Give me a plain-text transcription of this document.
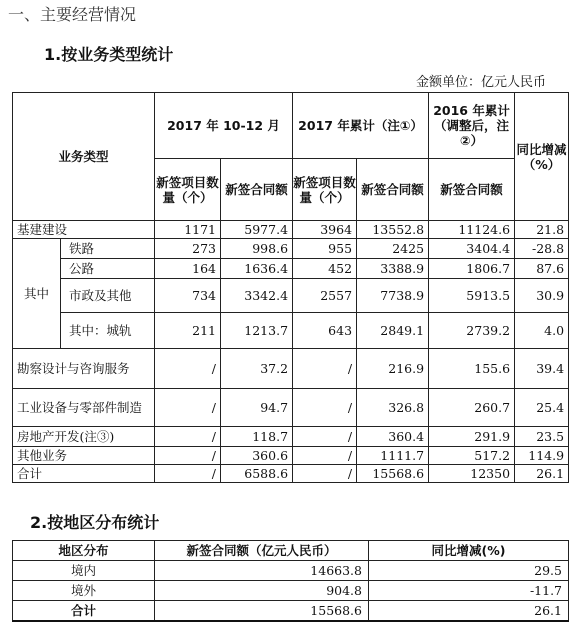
一、主要经营情况
1.按业务类型统计
金额单位：亿元人民币
业务类型		2017 年 10-12 月		2017 年累计（注①）		2016 年累计（调整后，注②）	同比增减（%）
		新签项目数量（个）	新签合同额	新签项目数量（个）	新签合同额	新签合同额	
基建建设		1171	5977.4	3964	13552.8	11124.6	21.8
其中	铁路	273	998.6	955	2425	3404.4	-28.8
	公路	164	1636.4	452	3388.9	1806.7	87.6
	市政及其他	734	3342.4	2557	7738.9	5913.5	30.9
	其中：城轨	211	1213.7	643	2849.1	2739.2	4.0
勘察设计与咨询服务		/	37.2	/	216.9	155.6	39.4
工业设备与零部件制造		/	94.7	/	326.8	260.7	25.4
房地产开发(注③)		/	118.7	/	360.4	291.9	23.5
其他业务		/	360.6	/	1111.7	517.2	114.9
合计		/	6588.6	/	15568.6	12350	26.1
2.按地区分布统计
地区分布	新签合同额（亿元人民币）	同比增减(%)
境内	14663.8	29.5
境外	904.8	-11.7
合计	15568.6	26.1
